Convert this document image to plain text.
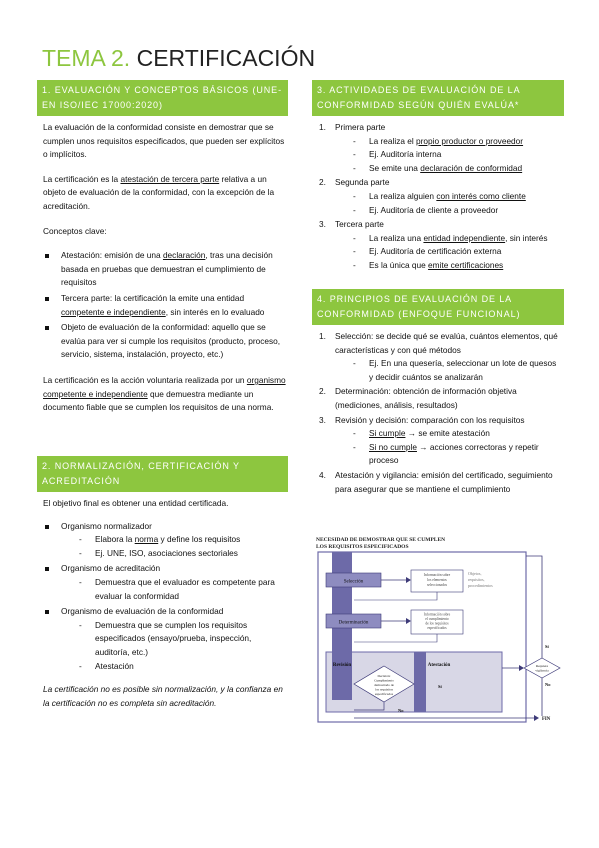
TEMA 2. CERTIFICACIÓN
1. EVALUACIÓN Y CONCEPTOS BÁSICOS (UNE-EN ISO/IEC 17000:2020)

La evaluación de la conformidad consiste en demostrar que se cumplen unos requisitos especificados, que pueden ser explícitos o implícitos.

La certificación es la atestación de tercera parte relativa a un objeto de evaluación de la conformidad, con la excepción de la acreditación.

Conceptos clave:

Atestación: emisión de una declaración, tras una decisión basada en pruebas que demuestran el cumplimiento de requisitos
Tercera parte: la certificación la emite una entidad competente e independiente, sin interés en lo evaluado
Objeto de evaluación de la conformidad: aquello que se evalúa para ver si cumple los requisitos (producto, proceso, servicio, sistema, instalación, proyecto, etc.)

La certificación es la acción voluntaria realizada por un organismo competente e independiente que demuestra mediante un documento fiable que se cumplen los requisitos de una norma.

2. NORMALIZACIÓN, CERTIFICACIÓN Y ACREDITACIÓN

El objetivo final es obtener una entidad certificada.

Organismo normalizador
- Elabora la norma y define los requisitos
- Ej. UNE, ISO, asociaciones sectoriales
Organismo de acreditación
- Demuestra que el evaluador es competente para evaluar la conformidad
Organismo de evaluación de la conformidad
- Demuestra que se cumplen los requisitos especificados (ensayo/prueba, inspección, auditoría, etc.)
- Atestación

La certificación no es posible sin normalización, y la confianza en la certificación no es completa sin acreditación.

3. ACTIVIDADES DE EVALUACIÓN DE LA CONFORMIDAD SEGÚN QUIÉN EVALÚA*
1. Primera parte
- La realiza el propio productor o proveedor
- Ej. Auditoría interna
- Se emite una declaración de conformidad
2. Segunda parte
- La realiza alguien con interés como cliente
- Ej. Auditoría de cliente a proveedor
3. Tercera parte
- La realiza una entidad independiente, sin interés
- Ej. Auditoría de certificación externa
- Es la única que emite certificaciones
4. PRINCIPIOS DE EVALUACIÓN DE LA CONFORMIDAD (ENFOQUE FUNCIONAL)
1. Selección: se decide qué se evalúa, cuántos elementos, qué características y con qué métodos
- Ej. En una quesería, seleccionar un lote de quesos y decidir cuántos se analizarán
2. Determinación: obtención de información objetiva (mediciones, análisis, resultados)
3. Revisión y decisión: comparación con los requisitos
- Si cumple → se emite atestación
- Si no cumple → acciones correctoras y repetir proceso
4. Atestación y vigilancia: emisión del certificado, seguimiento para asegurar que se mantiene el cumplimiento
NECESIDAD DE DEMOSTRAR QUE SE CUMPLEN
LOS REQUISITOS ESPECIFICADOS
Selección
Información sobre
los elementos
seleccionados
Objetos,
requisitos,
procedimientos
Determinación
Información sobre
el cumplimiento
de los requisitos
especificados
Revisión	Atestación
Decisión:
Cumplimiento
demostrado de
los requisitos
especificados
Sí
No
Requiere
vigilancia
Sí
No
FIN
